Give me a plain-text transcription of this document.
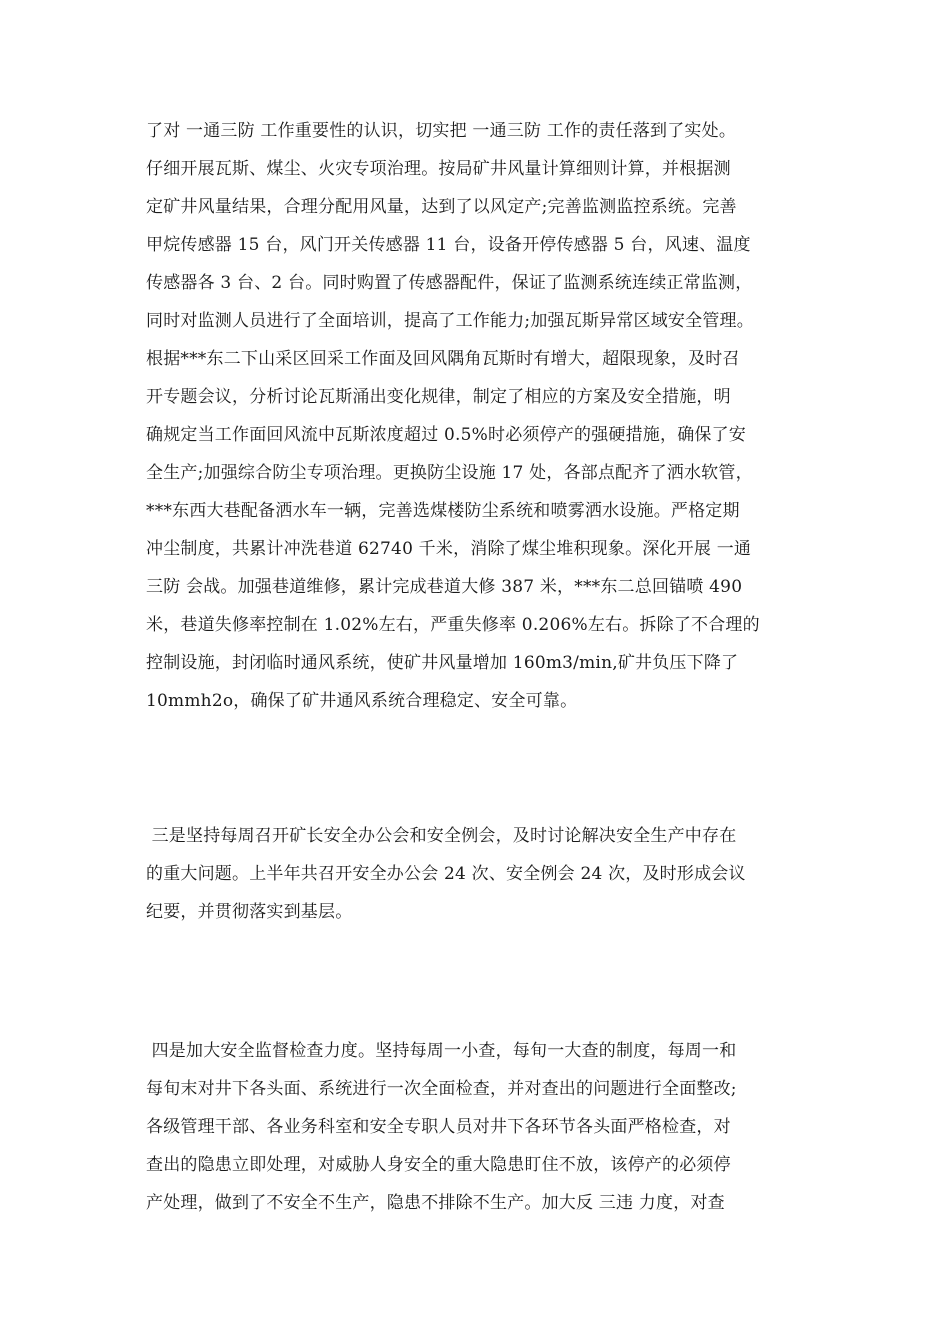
了对 一通三防 工作重要性的认识，切实把 一通三防 工作的责任落到了实处。
仔细开展瓦斯、煤尘、火灾专项治理。按局矿井风量计算细则计算，并根据测
定矿井风量结果，合理分配用风量，达到了以风定产;完善监测监控系统。完善
甲烷传感器 15 台，风门开关传感器 11 台，设备开停传感器 5 台，风速、温度
传感器各 3 台、2 台。同时购置了传感器配件，保证了监测系统连续正常监测，
同时对监测人员进行了全面培训，提高了工作能力;加强瓦斯异常区域安全管理。
根据***东二下山采区回采工作面及回风隅角瓦斯时有增大，超限现象，及时召
开专题会议，分析讨论瓦斯涌出变化规律，制定了相应的方案及安全措施，明
确规定当工作面回风流中瓦斯浓度超过 0.5%时必须停产的强硬措施，确保了安
全生产;加强综合防尘专项治理。更换防尘设施 17 处，各部点配齐了洒水软管，
***东西大巷配备洒水车一辆，完善选煤楼防尘系统和喷雾洒水设施。严格定期
冲尘制度，共累计冲洗巷道 62740 千米，消除了煤尘堆积现象。深化开展 一通
三防 会战。加强巷道维修，累计完成巷道大修 387 米，***东二总回锚喷 490
米，巷道失修率控制在 1.02%左右，严重失修率 0.206%左右。拆除了不合理的
控制设施，封闭临时通风系统，使矿井风量增加 160m3/min,矿井负压下降了
10mmh2o，确保了矿井通风系统合理稳定、安全可靠。
三是坚持每周召开矿长安全办公会和安全例会，及时讨论解决安全生产中存在
的重大问题。上半年共召开安全办公会 24 次、安全例会 24 次，及时形成会议
纪要，并贯彻落实到基层。
四是加大安全监督检查力度。坚持每周一小查，每旬一大查的制度，每周一和
每旬末对井下各头面、系统进行一次全面检查，并对查出的问题进行全面整改;
各级管理干部、各业务科室和安全专职人员对井下各环节各头面严格检查，对
查出的隐患立即处理，对威胁人身安全的重大隐患盯住不放，该停产的必须停
产处理，做到了不安全不生产，隐患不排除不生产。加大反 三违 力度，对查
